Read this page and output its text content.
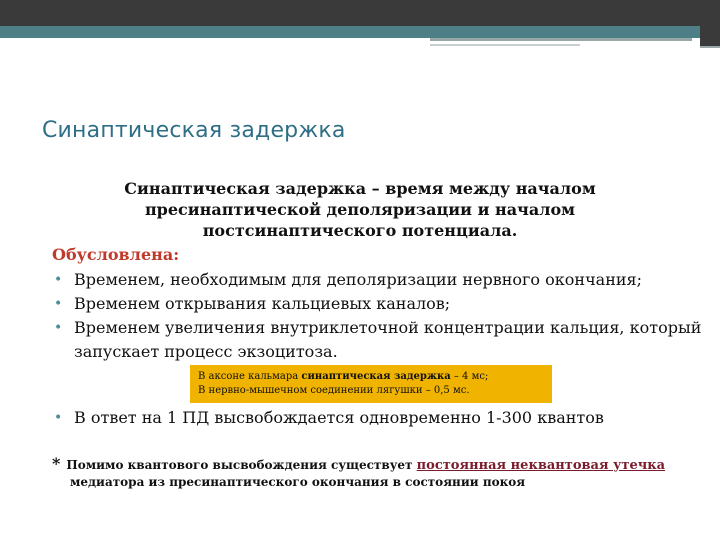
Синаптическая задержка
Синаптическая задержка – время между началом пресинаптической деполяризации и началом постсинаптического потенциала.
Обусловлена:
• Временем, необходимым для деполяризации нервного окончания;
• Временем открывания кальциевых каналов;
• Временем увеличения внутриклеточной концентрации кальция, который запускает процесс экзоцитоза.
В аксоне кальмара синаптическая задержка – 4 мс;
В нервно-мышечном соединении лягушки – 0,5 мс.
• В ответ на 1 ПД высвобождается одновременно 1-300 квантов
* Помимо квантового высвобождения существует постоянная неквантовая утечка
медиатора из пресинаптического окончания в состоянии покоя
